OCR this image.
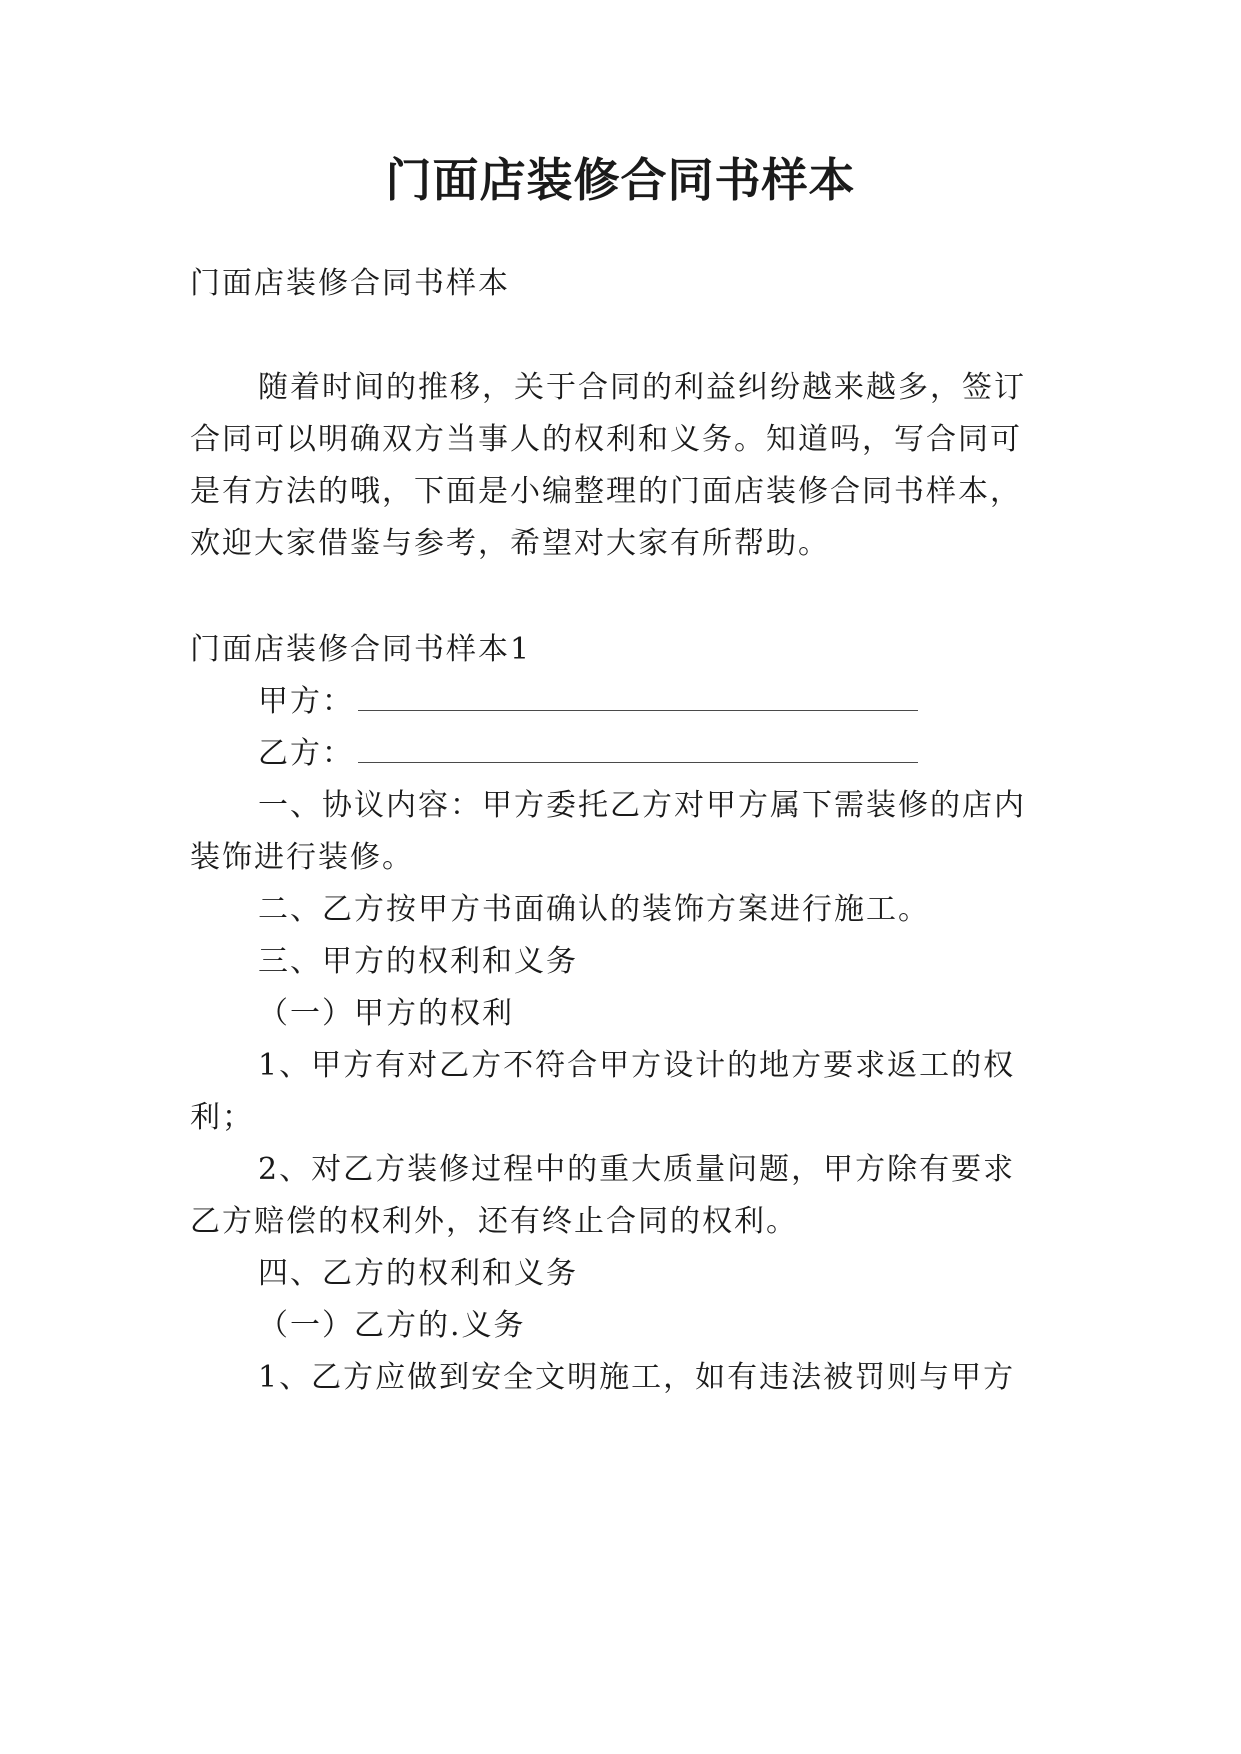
门面店装修合同书样本

门面店装修合同书样本

随着时间的推移，关于合同的利益纠纷越来越多，签订

合同可以明确双方当事人的权利和义务。知道吗，写合同可

是有方法的哦，下面是小编整理的门面店装修合同书样本，

欢迎大家借鉴与参考，希望对大家有所帮助。

门面店装修合同书样本1

甲方：

乙方：

一、协议内容：甲方委托乙方对甲方属下需装修的店内

装饰进行装修。

二、乙方按甲方书面确认的装饰方案进行施工。

三、甲方的权利和义务

（一）甲方的权利

1、甲方有对乙方不符合甲方设计的地方要求返工的权

利；

2、对乙方装修过程中的重大质量问题，甲方除有要求

乙方赔偿的权利外，还有终止合同的权利。

四、乙方的权利和义务

（一）乙方的.义务

1、乙方应做到安全文明施工，如有违法被罚则与甲方
